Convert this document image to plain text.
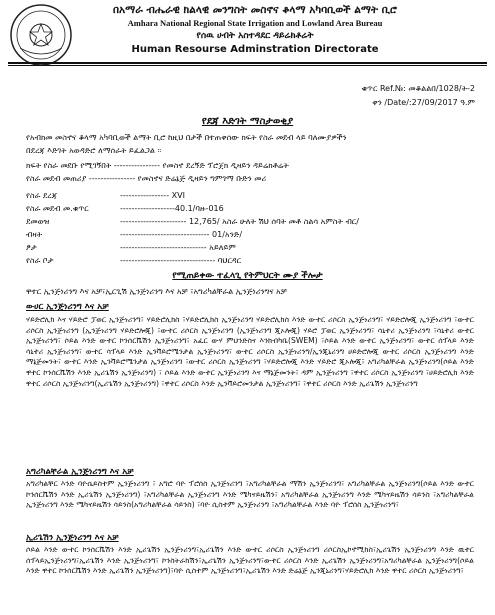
በአማራ ብሔራዊ ክልላዊ መንግስት መስኖና ቆላማ አካባቢወች ልማት ቢሮ
Amhara National Regional State Irrigation and Lowland Area Bureau
የሰዉ ሀብት አስተዳደር ዳይሬክቶሬት
Human Resourse Adminstration Directorate
ቁጥር Ref.№: መቆልልበ/1028/ት-2
ቀን /Date/:27/09/2017 ዓ.ም
የደጃ እድገት ማስታወቂያ
የአብክመ መስኖና ቆላማ አካባቢወች ልማት ቢሮ ከዚህ በታች በተጠቀሰው ክፍት የስራ መደብ ላይ ባለሙያዎችን
በደረጃ እድገት አወዳድሮ ለማሰራት ይፈልጋል ፡፡
ክፍት የስራ መደቡ የሚገኝበት ---------------- የመስኖ ደረኝድ ፕሮጀክ ዲዛይን ዳይሬክቶሬት
የስራ መደብ መጠሪያ ---------------- የመስኖና ድሬኔጅ ዲዛይን ግምገማ ቡድን መሪ
የስራ ደረጃ	----------------- XVI
የስራ መደብ መ.ቁጥር	-------------------40.1/ባዙ-016
ደመወዝ	----------------------- 12,765/ አስራ ሁለት ሽህ ሰባት መቶ ስልሳ አምስት ብር/
ብዛት	------------------------------- 01/አንድ/
ፆታ	------------------------------ አይለይም
የስራ ቦታ	--------------------------------- ባህርዳር
የሚጠይቀው ተፈላጊ የትምህርት ሙያ ችሎታ
ዋተር ኢንጅነሪንግ እና አቻ፣ኢርጊሽ ኢንጅነሪንግ እና አቻ ፣አግሪካልቸራል ኢንጅነሪንግና አቻ
ውሀር ኢንጅነሪንግ እና አቻ
ሃይድሮሊክ እና ሃይድሮ ፓወር ኢንጅነሪንግ፣ ሃይድሮሊክስ ፣ሃይድሮሊክስ ኢንጅነሪንግ ሃይድሮሊክስ እንድ ውተር ሪሶርስ ኢንጅነሪንግ፣ ሃይድሮሎጂ ኢንጅነሪንግ ፣ውተር ሪሶርስ ኢንጅነሪንግ (ኢንጅነሪንግ ሃይድሮሎጂ) ፣ውተር ሪሶርስ ኢንጅነሪንግ (ኢንጅነሪንግ ጂኦሎጂ) ሃይሮ ፓወር ኢንጅነሪንግ፣ ሳኒተሪ ኢንጅነሪንግ ፣ሳኒተሪ ውተር ኢንጅነሪንግ፣ ሶይል እንድ ውተር ኮንሰርቬሽን ኢንጅነሪንግ፣ አፈር ውሃ ምህንድስና እንክብካቤ(SWEM) ፣ሶይል እንድ ውተር ኢንጅነሪንግ፣ ውተር ሰፕላይ እንድ ሳኒተሪ ኢንጅነሪንግ፣ ውተር ሳፕላይ እንድ ኢንቫይሮሜንታል ኢንጅነሪንግ፣ ውተር ሪሶርስ ኢንጅነሪንግ/ኢንጂኒሪንግ ሀይድሮሎጂ ውተር ሪሶርስ ኢንጅነሪንግ እንድ ማኔጅመንት፣ ውተር እንድ ኢንቫይሮሜንታል ኢንጅነሪንግ ፣ውተር ሪሶርስ ኢንጅነሪንግ ፣ሃይድሮሎጂ እንድ ሃይድሮ ጂኦሎጂ፣ አግሪካልቸራል ኢንጅነሪንግ(ሶይል እንድ ዋተር ኮንሰርቬሽን እንድ ኢሪጌሽን ኢንጅነሪንግ) ፣ ሶይል እንድ ውተር ኢንጅነሪንግ እና ማኔጅመንት፣ ዳም ኢንጅነሪንግ ፣ዋተር ሪሶርስ ኢንጅነሪንግ ፣ሀይድሮሊክ እንድ ዋተር ሪሶርስ ኢንጅነሪንግ(ኢሪጌሽን ኢንጅነሪንግ) ፣ዋተር ሪሶርስ እንድ ኢንቫይሮመንታል ኢንጅነሪንግ፣ ፣ዋተር ሪሶርስ እንድ ኢሪጌሽን ኢንጅነሪንግ
አግሪካልቸራል ኢንጅነሪንግ እና አቻ
አግሪካልቸር እንድ ባዮሴይስተም ኢንጅነሪንግ ፣ አግሮ ባዮ ፕሮሰስ ኢንጅነሪንግ ፣አግሪካልቸራል ማሽን ኢንጅነሪንግ፣ አግሪካልቸራል ኢንጅነሪንግ(ሶይል እንድ ውተር ኮንሰርቬሽን እንድ ኢሪጌሽን ኢንጅነሪንግ) ፣አግሪካልቸራል ኢንጅነሪንግ እንድ ሜካናይዜሽን፣ አግሪካልቸራል ኢንጅነሪንግ እንድ ሜካናይዜሽን ሳይንስ ፣አግሪካልቸራል ኢንጅነሪንግ እንድ ሜካናይዜሽን ሳይንስ(አግሪካልቸራል ሳይንስ) ፣ባዮ ሲስተም ኢንጅነሪንግ ፣አግሪካልቸራል እንድ ባዮ ፕሮሰስ ኢንጅነሪንግ፣
ኢሪጌሽን ኢንጅነሪንግ እና አቻ
ሶይል እንድ ውተር ኮንሰርቬሽን እንድ ኢሪጌሽን ኢንጅነሪንግ፣ኢሪጌሽን እንድ ውተር ሪሶርስ ኢንጅነሪንግ ሪሶርስኢኮኖሚክስ፣ኢሪጌሽን ኢንጅነሪንግ እንድ ዉተር ሰፕላይኢንጅነሪንግ፣ኢሪጌሽን እንድ ኢንጅነሪንግ፣ ኮንስትራክሽን፣ኢሪጌሽን ኢንጅነሪንግ፣ውተር ሪሶርስ እንድ ኢሪጌሽን ኢንጅነሪንግ፣አግሪካልቸራል ኢንጅነሪንግ(ሶይል እንድ ዋተር ኮንሰርቬሽን እንድ ኢሪጌሽን ኢንጅነሪንግ)፣ባዮ ሲስተም ኢንጅነሪንግ፣ኢሪጌሽን እንድ ድሬኔጅ ኢንጂኒሪንግ፣ሃይድሮሊክ እንድ ዋተር ሪሶርስ ኢንጅነሪንግ፣
